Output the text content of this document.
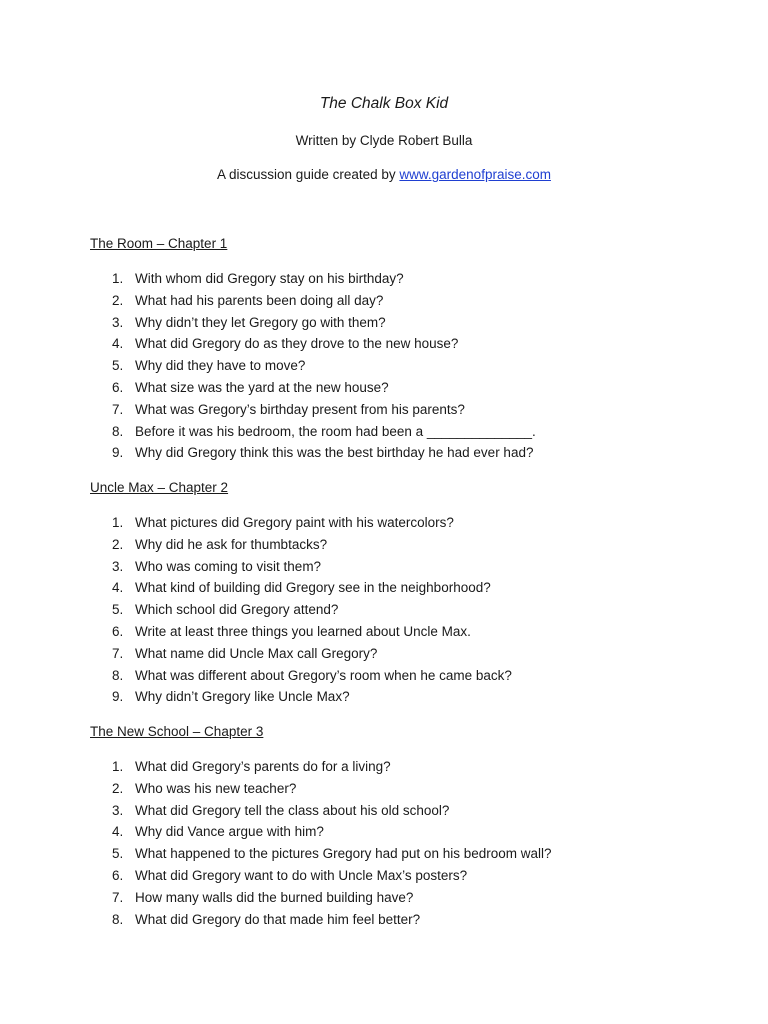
The Chalk Box Kid
Written by Clyde Robert Bulla
A discussion guide created by www.gardenofpraise.com
The Room – Chapter 1
1. With whom did Gregory stay on his birthday?
2. What had his parents been doing all day?
3. Why didn’t they let Gregory go with them?
4. What did Gregory do as they drove to the new house?
5. Why did they have to move?
6. What size was the yard at the new house?
7. What was Gregory’s birthday present from his parents?
8. Before it was his bedroom, the room had been a ______________.
9. Why did Gregory think this was the best birthday he had ever had?
Uncle Max – Chapter 2
1. What pictures did Gregory paint with his watercolors?
2. Why did he ask for thumbtacks?
3. Who was coming to visit them?
4. What kind of building did Gregory see in the neighborhood?
5. Which school did Gregory attend?
6. Write at least three things you learned about Uncle Max.
7. What name did Uncle Max call Gregory?
8. What was different about Gregory’s room when he came back?
9. Why didn’t Gregory like Uncle Max?
The New School – Chapter 3
1. What did Gregory’s parents do for a living?
2. Who was his new teacher?
3. What did Gregory tell the class about his old school?
4. Why did Vance argue with him?
5. What happened to the pictures Gregory had put on his bedroom wall?
6. What did Gregory want to do with Uncle Max’s posters?
7. How many walls did the burned building have?
8. What did Gregory do that made him feel better?
